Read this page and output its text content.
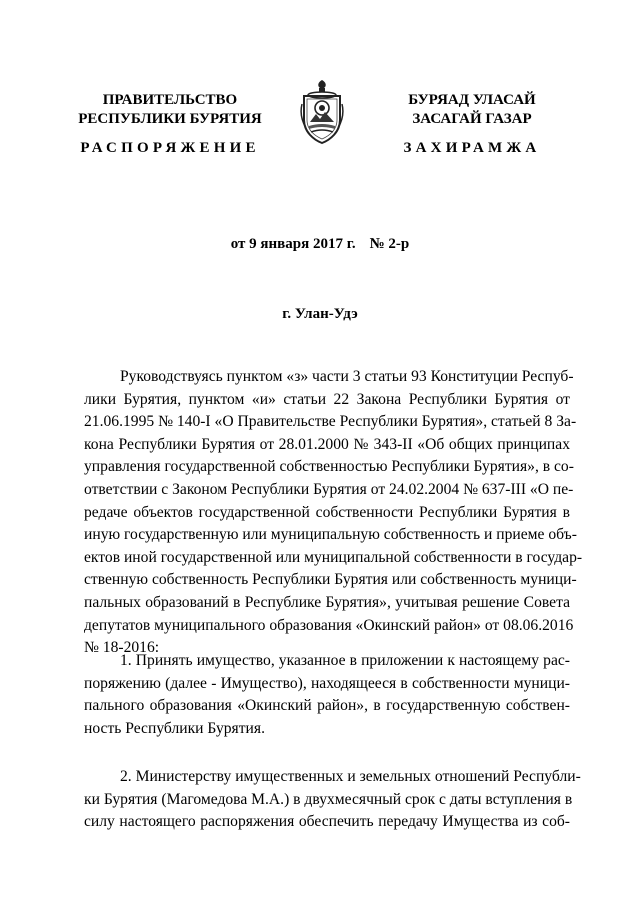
ПРАВИТЕЛЬСТВО
РЕСПУБЛИКИ БУРЯТИЯ
БУРЯАД УЛАСАЙ
ЗАСАГАЙ ГАЗАР
РАСПОРЯЖЕНИЕ	ЗАХИРАМЖА
от 9 января 2017 г. № 2-р
г. Улан-Удэ
Руководствуясь пунктом «з» части 3 статьи 93 Конституции Респуб-
лики Бурятия, пунктом «и» статьи 22 Закона Республики Бурятия от
21.06.1995 № 140-I «О Правительстве Республики Бурятия», статьей 8 За-
кона Республики Бурятия от 28.01.2000 № 343-II «Об общих принципах
управления государственной собственностью Республики Бурятия», в со-
ответствии с Законом Республики Бурятия от 24.02.2004 № 637-III «О пе-
редаче объектов государственной собственности Республики Бурятия в
иную государственную или муниципальную собственность и приеме объ-
ектов иной государственной или муниципальной собственности в государ-
ственную собственность Республики Бурятия или собственность муници-
пальных образований в Республике Бурятия», учитывая решение Совета
депутатов муниципального образования «Окинский район» от 08.06.2016
№ 18-2016:
1. Принять имущество, указанное в приложении к настоящему рас-
поряжению (далее - Имущество), находящееся в собственности муници-
пального образования «Окинский район», в государственную собствен-
ность Республики Бурятия.
2. Министерству имущественных и земельных отношений Республи-
ки Бурятия (Магомедова М.А.) в двухмесячный срок с даты вступления в
силу настоящего распоряжения обеспечить передачу Имущества из соб-
